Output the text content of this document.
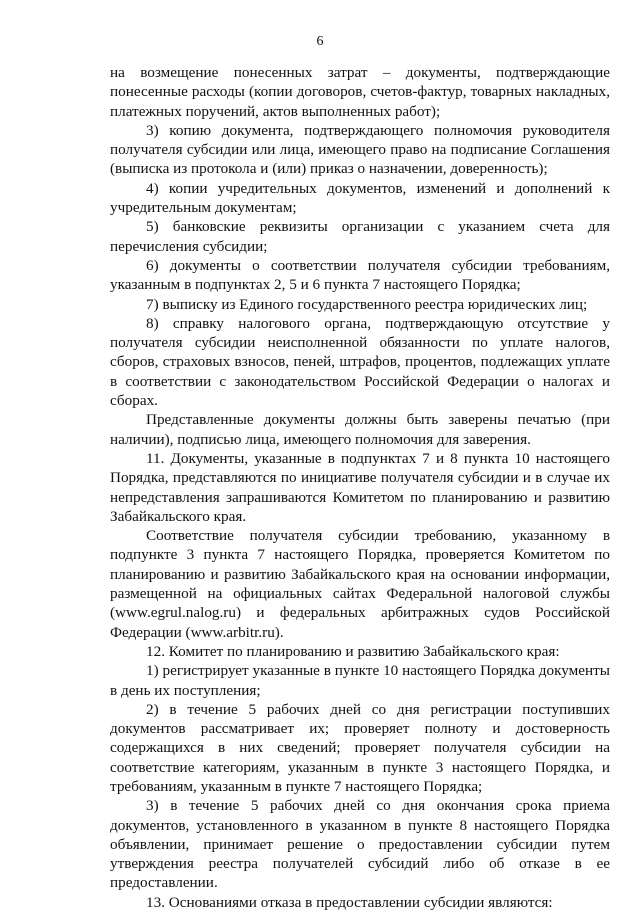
6

на возмещение понесенных затрат – документы, подтверждающие понесенные расходы (копии договоров, счетов-фактур, товарных накладных, платежных поручений, актов выполненных работ);

3) копию документа, подтверждающего полномочия руководителя получателя субсидии или лица, имеющего право на подписание Соглашения (выписка из протокола и (или) приказ о назначении, доверенность);

4) копии учредительных документов, изменений и дополнений к учредительным документам;

5) банковские реквизиты организации с указанием счета для перечисления субсидии;

6) документы о соответствии получателя субсидии требованиям, указанным в подпунктах 2, 5 и 6 пункта 7 настоящего Порядка;

7) выписку из Единого государственного реестра юридических лиц;

8) справку налогового органа, подтверждающую отсутствие у получателя субсидии неисполненной обязанности по уплате налогов, сборов, страховых взносов, пеней, штрафов, процентов, подлежащих уплате в соответствии с законодательством Российской Федерации о налогах и сборах.

Представленные документы должны быть заверены печатью (при наличии), подписью лица, имеющего полномочия для заверения.

11. Документы, указанные в подпунктах 7 и 8 пункта 10 настоящего Порядка, представляются по инициативе получателя субсидии и в случае их непредставления запрашиваются Комитетом по планированию и развитию Забайкальского края.

Соответствие получателя субсидии требованию, указанному в подпункте 3 пункта 7 настоящего Порядка, проверяется Комитетом по планированию и развитию Забайкальского края на основании информации, размещенной на официальных сайтах Федеральной налоговой службы (www.egrul.nalog.ru) и федеральных арбитражных судов Российской Федерации (www.arbitr.ru).

12. Комитет по планированию и развитию Забайкальского края:

1) регистрирует указанные в пункте 10 настоящего Порядка документы в день их поступления;

2) в течение 5 рабочих дней со дня регистрации поступивших документов рассматривает их; проверяет полноту и достоверность содержащихся в них сведений; проверяет получателя субсидии на соответствие категориям, указанным в пункте 3 настоящего Порядка, и требованиям, указанным в пункте 7 настоящего Порядка;

3) в течение 5 рабочих дней со дня окончания срока приема документов, установленного в указанном в пункте 8 настоящего Порядка объявлении, принимает решение о предоставлении субсидии путем утверждения реестра получателей субсидий либо об отказе в ее предоставлении.

13. Основаниями отказа в предоставлении субсидии являются:
